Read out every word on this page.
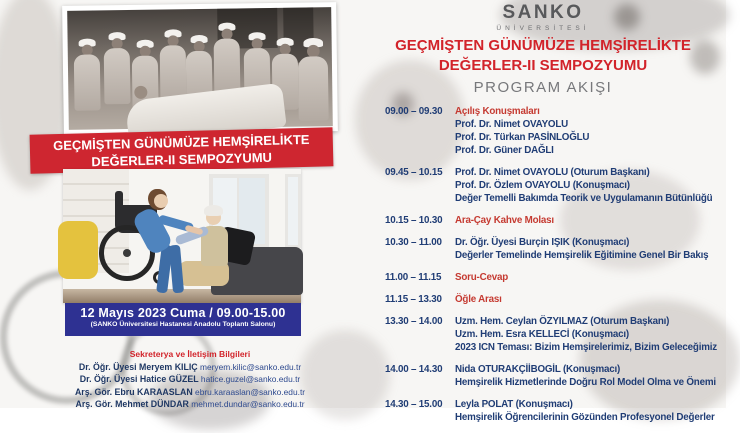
GEÇMİŞTEN GÜNÜMÜZE HEMŞİRELİKTE
DEĞERLER-II SEMPOZYUMU
12 Mayıs 2023 Cuma / 09.00-15.00
(SANKO Üniversitesi Hastanesi Anadolu Toplantı Salonu)
Sekreterya ve İletişim Bilgileri
Dr. Öğr. Üyesi Meryem KILIÇ meryem.kilic@sanko.edu.tr
Dr. Öğr. Üyesi Hatice GÜZEL hatice.guzel@sanko.edu.tr
Arş. Gör. Ebru KARAASLAN ebru.karaaslan@sanko.edu.tr
Arş. Gör. Mehmet DÜNDAR mehmet.dundar@sanko.edu.tr
SANKO
ÜNİVERSİTESİ
GEÇMİŞTEN GÜNÜMÜZE HEMŞİRELİKTE
DEĞERLER-II SEMPOZYUMU
PROGRAM AKIŞI
09.00 – 09.30 Açılış Konuşmaları
Prof. Dr. Nimet OVAYOLU
Prof. Dr. Türkan PASİNLOĞLU
Prof. Dr. Güner DAĞLI
09.45 – 10.15 Prof. Dr. Nimet OVAYOLU (Oturum Başkanı)
Prof. Dr. Özlem OVAYOLU (Konuşmacı)
Değer Temelli Bakımda Teorik ve Uygulamanın Bütünlüğü
10.15 – 10.30 Ara-Çay Kahve Molası
10.30 – 11.00 Dr. Öğr. Üyesi Burçin IŞIK (Konuşmacı)
Değerler Temelinde Hemşirelik Eğitimine Genel Bir Bakış
11.00 – 11.15 Soru-Cevap
11.15 – 13.30 Öğle Arası
13.30 – 14.00 Uzm. Hem. Ceylan ÖZYILMAZ (Oturum Başkanı)
Uzm. Hem. Esra KELLECİ (Konuşmacı)
2023 ICN Teması: Bizim Hemşirelerimiz, Bizim Geleceğimiz
14.00 – 14.30 Nida OTURAKÇİİBOGİL (Konuşmacı)
Hemşirelik Hizmetlerinde Doğru Rol Model Olma ve Önemi
14.30 – 15.00 Leyla POLAT (Konuşmacı)
Hemşirelik Öğrencilerinin Gözünden Profesyonel Değerler
